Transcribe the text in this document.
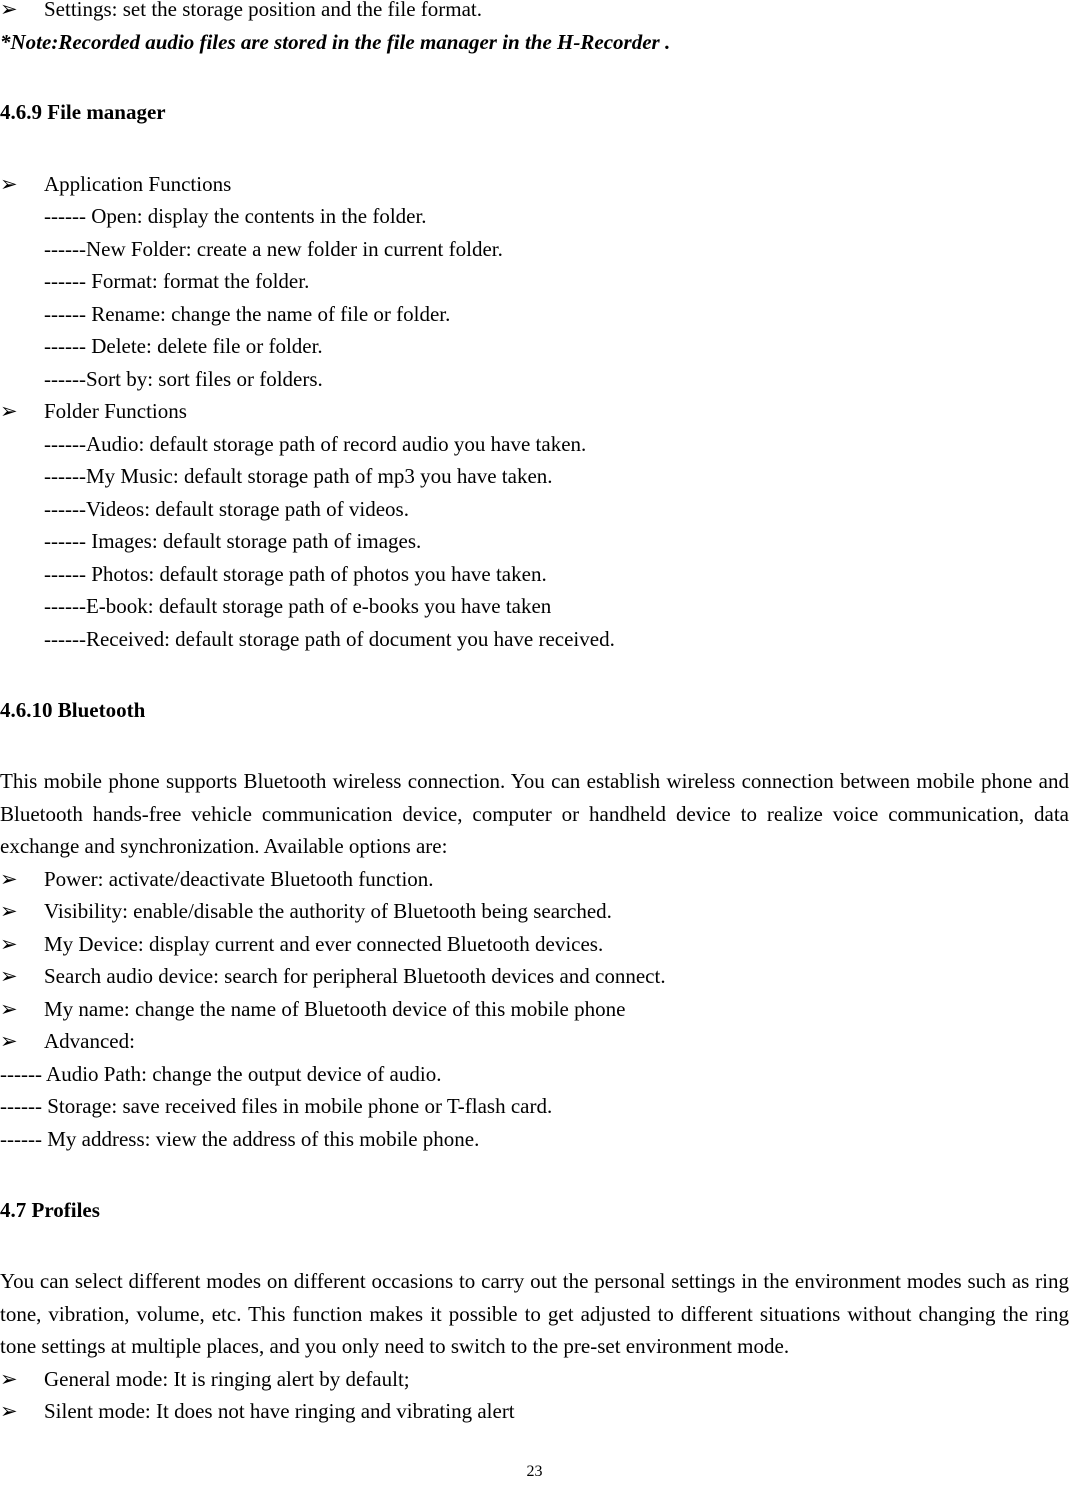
➢ Settings: set the storage position and the file format.
*Note:Recorded audio files are stored in the file manager in the H-Recorder .
4.6.9 File manager
➢ Application Functions
------ Open: display the contents in the folder.
------New Folder: create a new folder in current folder.
------ Format: format the folder.
------ Rename: change the name of file or folder.
------ Delete: delete file or folder.
------Sort by: sort files or folders.
➢ Folder Functions
------Audio: default storage path of record audio you have taken.
------My Music: default storage path of mp3 you have taken.
------Videos: default storage path of videos.
------ Images: default storage path of images.
------ Photos: default storage path of photos you have taken.
------E-book: default storage path of e-books you have taken
------Received: default storage path of document you have received.
4.6.10 Bluetooth
This mobile phone supports Bluetooth wireless connection. You can establish wireless connection between mobile phone and Bluetooth hands-free vehicle communication device, computer or handheld device to realize voice communication, data exchange and synchronization. Available options are:
➢ Power: activate/deactivate Bluetooth function.
➢ Visibility: enable/disable the authority of Bluetooth being searched.
➢ My Device: display current and ever connected Bluetooth devices.
➢ Search audio device: search for peripheral Bluetooth devices and connect.
➢ My name: change the name of Bluetooth device of this mobile phone
➢ Advanced:
------ Audio Path: change the output device of audio.
------ Storage: save received files in mobile phone or T-flash card.
------ My address: view the address of this mobile phone.
4.7 Profiles
You can select different modes on different occasions to carry out the personal settings in the environment modes such as ring tone, vibration, volume, etc. This function makes it possible to get adjusted to different situations without changing the ring tone settings at multiple places, and you only need to switch to the pre-set environment mode.
➢ General mode: It is ringing alert by default;
➢ Silent mode: It does not have ringing and vibrating alert
23
